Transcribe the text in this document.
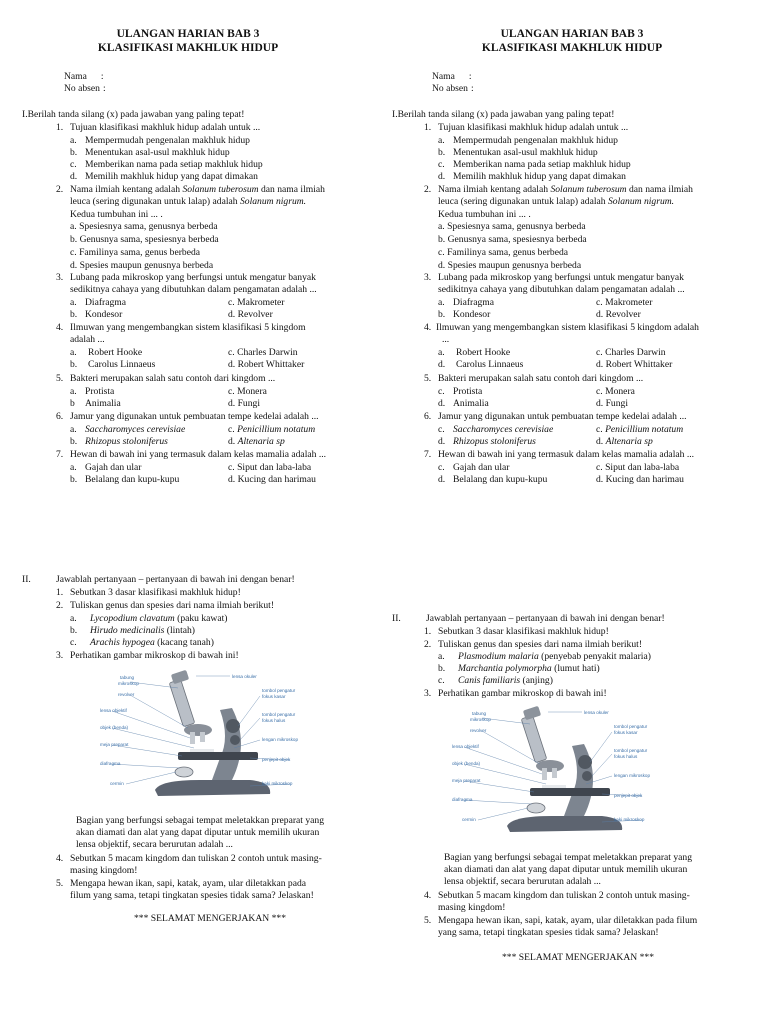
ULANGAN HARIAN BAB 3
KLASIFIKASI MAKHLUK HIDUP
Nama :
No absen :
I.Berilah tanda silang (x) pada jawaban yang paling tepat!
1. Tujuan klasifikasi makhluk hidup adalah untuk ...
a. Mempermudah pengenalan makhluk hidup
b. Menentukan asal-usul makhluk hidup
c. Memberikan nama pada setiap makhluk hidup
d. Memilih makhluk hidup yang dapat dimakan
2. Nama ilmiah kentang adalah Solanum tuberosum dan nama ilmiah
leuca (sering digunakan untuk lalap) adalah Solanum nigrum.
Kedua tumbuhan ini ... .
a. Spesiesnya sama, genusnya berbeda
b. Genusnya sama, spesiesnya berbeda
c. Familinya sama, genus berbeda
d. Spesies maupun genusnya berbeda
3. Lubang pada mikroskop yang berfungsi untuk mengatur banyak
sedikitnya cahaya yang dibutuhkan dalam pengamatan adalah ...
a. Diafragma
b. Kondesor
c. Makrometer
d. Revolver
4. Ilmuwan yang mengembangkan sistem klasifikasi 5 kingdom
adalah ...
a. Robert Hooke
b. Carolus Linnaeus
c. Charles Darwin
d. Robert Whittaker
5. Bakteri merupakan salah satu contoh dari kingdom ...
a. Protista
b Animalia
c. Monera
d. Fungi
6. Jamur yang digunakan untuk pembuatan tempe kedelai adalah ...
a. Saccharomyces cerevisiae
b. Rhizopus stoloniferus
c. Penicillium notatum
d. Altenaria sp
7. Hewan di bawah ini yang termasuk dalam kelas mamalia adalah ...
a. Gajah dan ular
b. Belalang dan kupu-kupu
c. Siput dan laba-laba
d. Kucing dan harimau
II.	Jawablah pertanyaan – pertanyaan di bawah ini dengan benar!
1. Sebutkan 3 dasar klasifikasi makhluk hidup!
2. Tuliskan genus dan spesies dari nama ilmiah berikut!
a. Lycopodium clavatum (paku kawat)
b. Hirudo medicinalis (lintah)
c. Arachis hypogea (kacang tanah)
3. Perhatikan gambar mikroskop di bawah ini!
tabung
mikroskop
revolver
lensa objektif
objek (benda)
meja preparat
diafragma
cermin
lensa okuler
tombol pengatur
fokus kasar
tombol pengatur
fokus halus
lengan mikroskop
penjepit objek
kaki mikroskop
Bagian yang berfungsi sebagai tempat meletakkan preparat yang
akan diamati dan alat yang dapat diputar untuk memilih ukuran
lensa objektif, secara berurutan adalah ...
4. Sebutkan 5 macam kingdom dan tuliskan 2 contoh untuk masing-
masing kingdom!
5. Mengapa hewan ikan, sapi, katak, ayam, ular diletakkan pada
filum yang sama, tetapi tingkatan spesies tidak sama? Jelaskan!
*** SELAMAT MENGERJAKAN ***
ULANGAN HARIAN BAB 3
KLASIFIKASI MAKHLUK HIDUP
Nama :
No absen :
I.Berilah tanda silang (x) pada jawaban yang paling tepat!
1. Tujuan klasifikasi makhluk hidup adalah untuk ...
a. Mempermudah pengenalan makhluk hidup
b. Menentukan asal-usul makhluk hidup
c. Memberikan nama pada setiap makhluk hidup
d. Memilih makhluk hidup yang dapat dimakan
2. Nama ilmiah kentang adalah Solanum tuberosum dan nama ilmiah
leuca (sering digunakan untuk lalap) adalah Solanum nigrum.
Kedua tumbuhan ini ... .
a. Spesiesnya sama, genusnya berbeda
b. Genusnya sama, spesiesnya berbeda
c. Familinya sama, genus berbeda
d. Spesies maupun genusnya berbeda
3. Lubang pada mikroskop yang berfungsi untuk mengatur banyak
sedikitnya cahaya yang dibutuhkan dalam pengamatan adalah ...
a. Diafragma
b. Kondesor
c. Makrometer
d. Revolver
4. Ilmuwan yang mengembangkan sistem klasifikasi 5 kingdom adalah
...
a. Robert Hooke
d. Carolus Linnaeus
c. Charles Darwin
d. Robert Whittaker
5. Bakteri merupakan salah satu contoh dari kingdom ...
c. Protista
d. Animalia
c. Monera
d. Fungi
6. Jamur yang digunakan untuk pembuatan tempe kedelai adalah ...
c. Saccharomyces cerevisiae
d. Rhizopus stoloniferus
c. Penicillium notatum
d. Altenaria sp
7. Hewan di bawah ini yang termasuk dalam kelas mamalia adalah ...
c. Gajah dan ular
d. Belalang dan kupu-kupu
c. Siput dan laba-laba
d. Kucing dan harimau
II.	Jawablah pertanyaan – pertanyaan di bawah ini dengan benar!
1. Sebutkan 3 dasar klasifikasi makhluk hidup!
2. Tuliskan genus dan spesies dari nama ilmiah berikut!
a. Plasmodium malaria (penyebab penyakit malaria)
b. Marchantia polymorpha (lumut hati)
c. Canis familiaris (anjing)
3. Perhatikan gambar mikroskop di bawah ini!
tabung
mikroskop
revolver
lensa objektif
objek (benda)
meja preparat
diafragma
cermin
lensa okuler
tombol pengatur
fokus kasar
tombol pengatur
fokus halus
lengan mikroskop
penjepit objek
kaki mikroskop
Bagian yang berfungsi sebagai tempat meletakkan preparat yang
akan diamati dan alat yang dapat diputar untuk memilih ukuran
lensa objektif, secara berurutan adalah ...
4. Sebutkan 5 macam kingdom dan tuliskan 2 contoh untuk masing-
masing kingdom!
5. Mengapa hewan ikan, sapi, katak, ayam, ular diletakkan pada filum
yang sama, tetapi tingkatan spesies tidak sama? Jelaskan!
*** SELAMAT MENGERJAKAN ***
